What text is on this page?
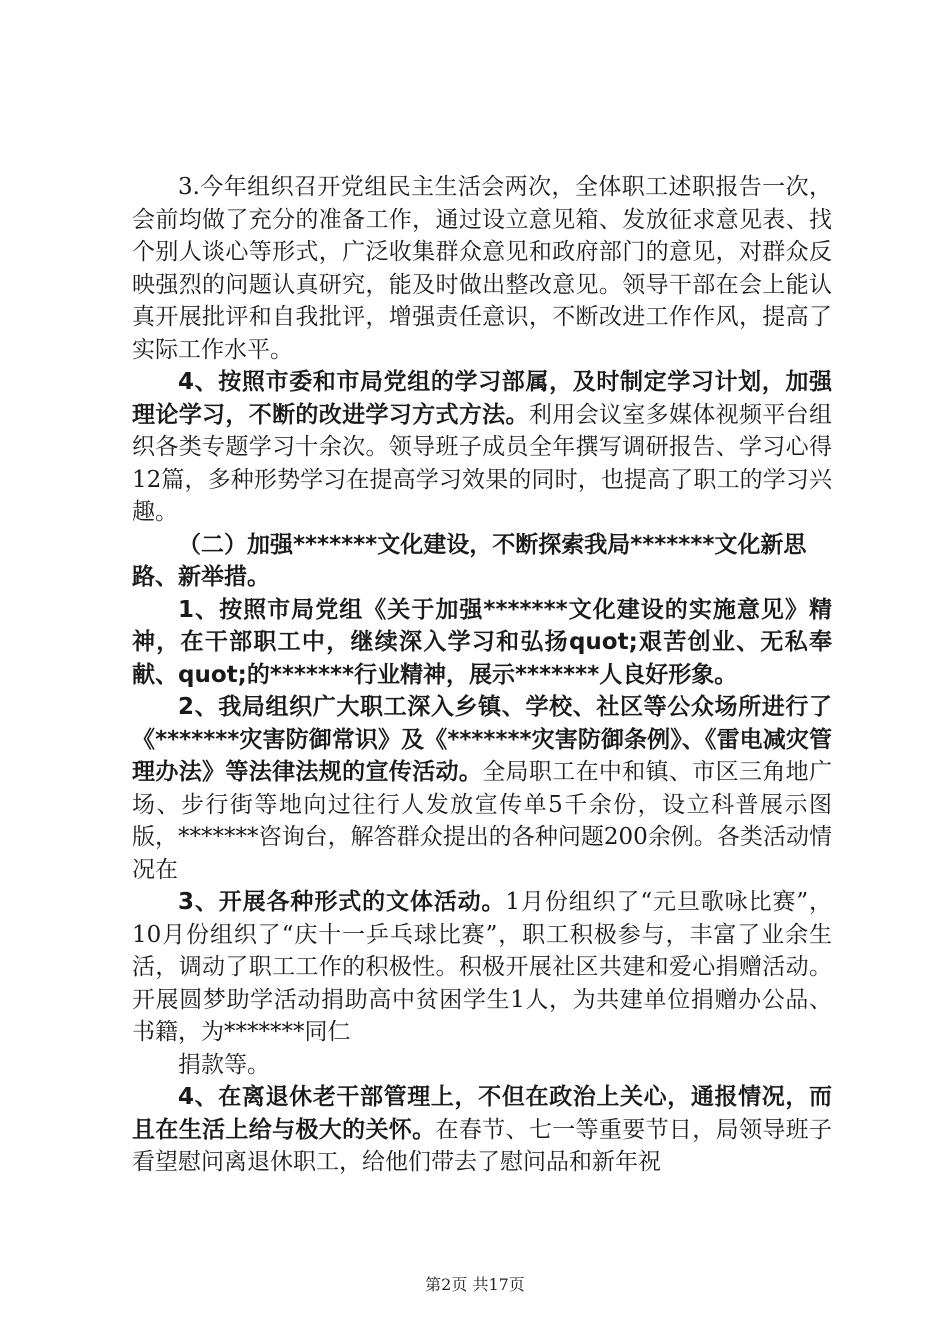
3.今年组织召开党组民主生活会两次，全体职工述职报告一次，会前均做了充分的准备工作，通过设立意见箱、发放征求意见表、找个别人谈心等形式，广泛收集群众意见和政府部门的意见，对群众反映强烈的问题认真研究，能及时做出整改意见。领导干部在会上能认真开展批评和自我批评，增强责任意识，不断改进工作作风，提高了实际工作水平。

4、按照市委和市局党组的学习部属，及时制定学习计划，加强理论学习，不断的改进学习方式方法。利用会议室多媒体视频平台组织各类专题学习十余次。领导班子成员全年撰写调研报告、学习心得12篇，多种形势学习在提高学习效果的同时，也提高了职工的学习兴趣。

（二）加强*******文化建设，不断探索我局*******文化新思路、新举措。

1、按照市局党组《关于加强*******文化建设的实施意见》精神，在干部职工中，继续深入学习和弘扬quot;艰苦创业、无私奉献、quot;的*******行业精神，展示*******人良好形象。

2、我局组织广大职工深入乡镇、学校、社区等公众场所进行了《*******灾害防御常识》及《*******灾害防御条例》、《雷电减灾管理办法》等法律法规的宣传活动。全局职工在中和镇、市区三角地广场、步行街等地向过往行人发放宣传单5千余份，设立科普展示图版，*******咨询台，解答群众提出的各种问题200余例。各类活动情况在

3、开展各种形式的文体活动。1月份组织了“元旦歌咏比赛”，10月份组织了“庆十一乒乓球比赛”，职工积极参与，丰富了业余生活，调动了职工工作的积极性。积极开展社区共建和爱心捐赠活动。开展圆梦助学活动捐助高中贫困学生1人，为共建单位捐赠办公品、书籍，为*******同仁

捐款等。

4、在离退休老干部管理上，不但在政治上关心，通报情况，而且在生活上给与极大的关怀。在春节、七一等重要节日，局领导班子看望慰问离退休职工，给他们带去了慰问品和新年祝

第2页 共17页
